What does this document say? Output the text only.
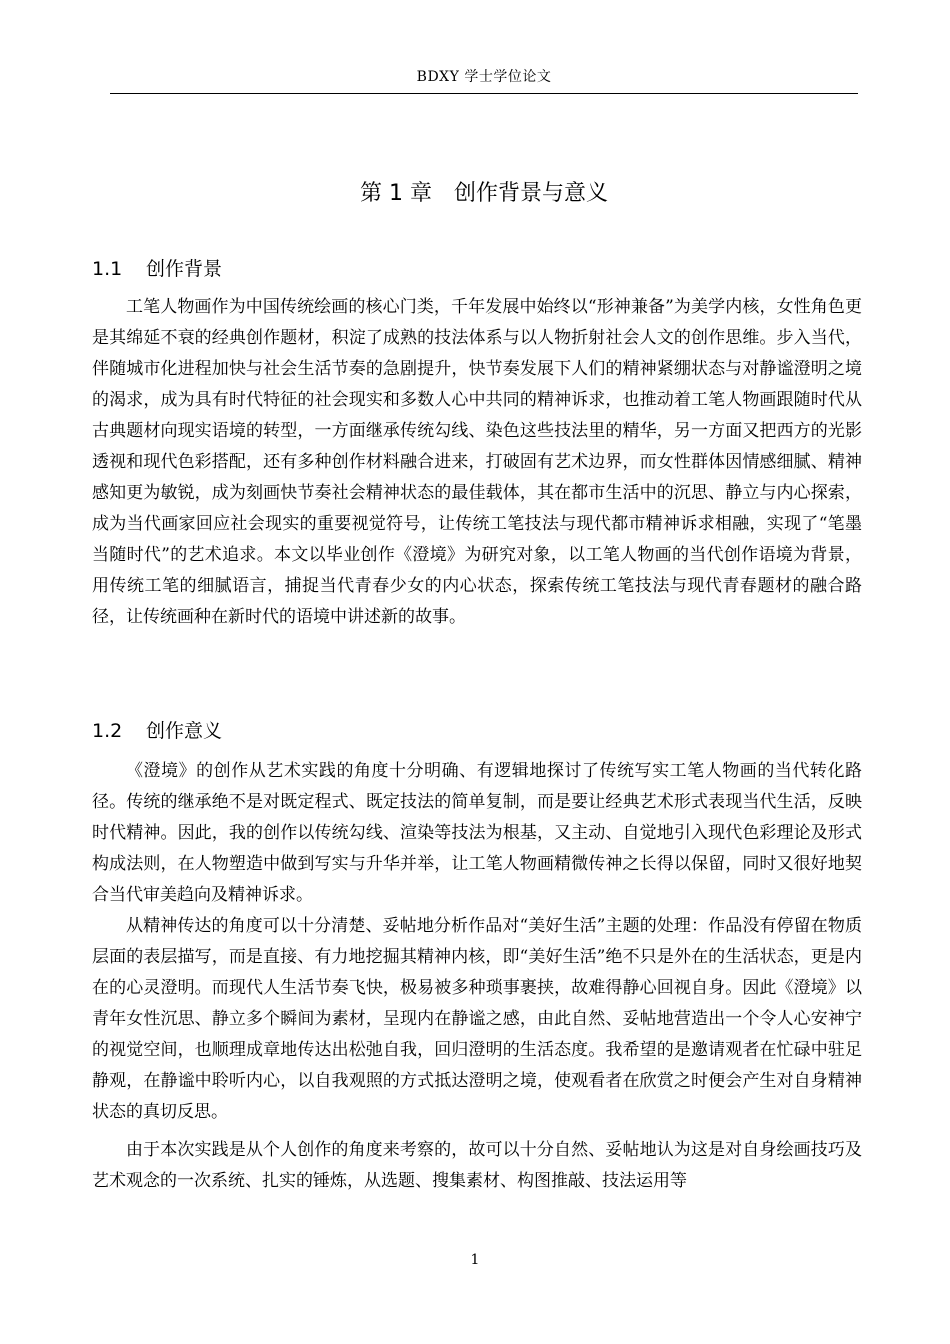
BDXY 学士学位论文
第 1 章　创作背景与意义
1.1 创作背景

工笔人物画作为中国传统绘画的核心门类，千年发展中始终以“形神兼备”为美学内核，女性角色更是其绵延不衰的经典创作题材，积淀了成熟的技法体系与以人物折射社会人文的创作思维。步入当代，伴随城市化进程加快与社会生活节奏的急剧提升，快节奏发展下人们的精神紧绷状态与对静谧澄明之境的渴求，成为具有时代特征的社会现实和多数人心中共同的精神诉求，也推动着工笔人物画跟随时代从古典题材向现实语境的转型，一方面继承传统勾线、染色这些技法里的精华，另一方面又把西方的光影透视和现代色彩搭配，还有多种创作材料融合进来，打破固有艺术边界，而女性群体因情感细腻、精神感知更为敏锐，成为刻画快节奏社会精神状态的最佳载体，其在都市生活中的沉思、静立与内心探索，成为当代画家回应社会现实的重要视觉符号，让传统工笔技法与现代都市精神诉求相融，实现了“笔墨当随时代”的艺术追求。本文以毕业创作《澄境》为研究对象，以工笔人物画的当代创作语境为背景，用传统工笔的细腻语言，捕捉当代青春少女的内心状态，探索传统工笔技法与现代青春题材的融合路径，让传统画种在新时代的语境中讲述新的故事。

1.2 创作意义

《澄境》的创作从艺术实践的角度十分明确、有逻辑地探讨了传统写实工笔人物画的当代转化路径。传统的继承绝不是对既定程式、既定技法的简单复制，而是要让经典艺术形式表现当代生活，反映时代精神。因此，我的创作以传统勾线、渲染等技法为根基，又主动、自觉地引入现代色彩理论及形式构成法则，在人物塑造中做到写实与升华并举，让工笔人物画精微传神之长得以保留，同时又很好地契合当代审美趋向及精神诉求。

从精神传达的角度可以十分清楚、妥帖地分析作品对“美好生活”主题的处理：作品没有停留在物质层面的表层描写，而是直接、有力地挖掘其精神内核，即“美好生活”绝不只是外在的生活状态，更是内在的心灵澄明。而现代人生活节奏飞快，极易被多种琐事裹挟，故难得静心回视自身。因此《澄境》以青年女性沉思、静立多个瞬间为素材，呈现内在静谧之感，由此自然、妥帖地营造出一个令人心安神宁的视觉空间，也顺理成章地传达出松弛自我，回归澄明的生活态度。我希望的是邀请观者在忙碌中驻足静观，在静谧中聆听内心，以自我观照的方式抵达澄明之境，使观看者在欣赏之时便会产生对自身精神状态的真切反思。

由于本次实践是从个人创作的角度来考察的，故可以十分自然、妥帖地认为这是对自身绘画技巧及艺术观念的一次系统、扎实的锤炼，从选题、搜集素材、构图推敲、技法运用等

1
